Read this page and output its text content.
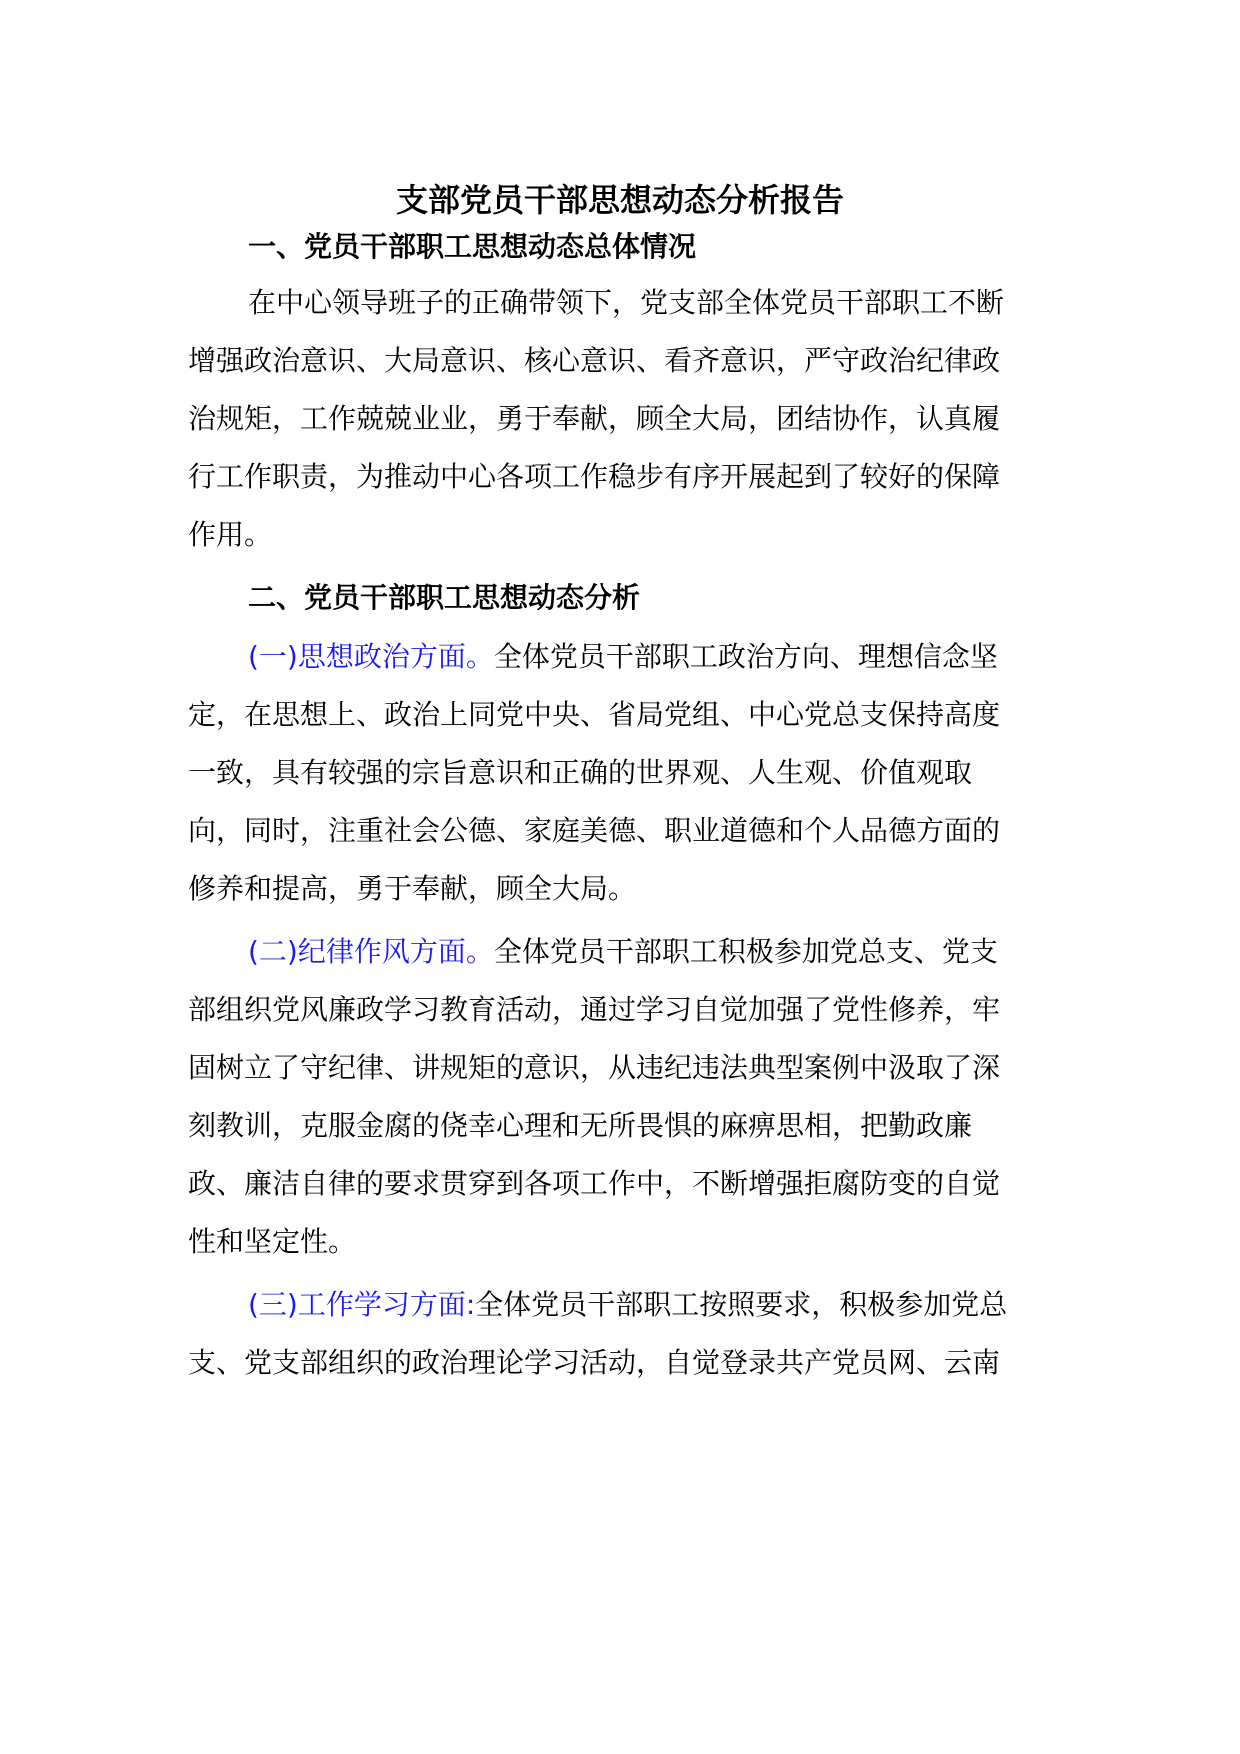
支部党员干部思想动态分析报告
一、党员干部职工思想动态总体情况
在中心领导班子的正确带领下，党支部全体党员干部职工不断
增强政治意识、大局意识、核心意识、看齐意识，严守政治纪律政
治规矩，工作兢兢业业，勇于奉献，顾全大局，团结协作，认真履
行工作职责，为推动中心各项工作稳步有序开展起到了较好的保障
作用。
二、党员干部职工思想动态分析
(一)思想政治方面。全体党员干部职工政治方向、理想信念坚
定，在思想上、政治上同党中央、省局党组、中心党总支保持高度
一致，具有较强的宗旨意识和正确的世界观、人生观、价值观取
向，同时，注重社会公德、家庭美德、职业道德和个人品德方面的
修养和提高，勇于奉献，顾全大局。
(二)纪律作风方面。全体党员干部职工积极参加党总支、党支
部组织党风廉政学习教育活动，通过学习自觉加强了党性修养，牢
固树立了守纪律、讲规矩的意识，从违纪违法典型案例中汲取了深
刻教训，克服金腐的侥幸心理和无所畏惧的麻痹思相，把勤政廉
政、廉洁自律的要求贯穿到各项工作中，不断增强拒腐防变的自觉
性和坚定性。
(三)工作学习方面:全体党员干部职工按照要求，积极参加党总
支、党支部组织的政治理论学习活动，自觉登录共产党员网、云南
